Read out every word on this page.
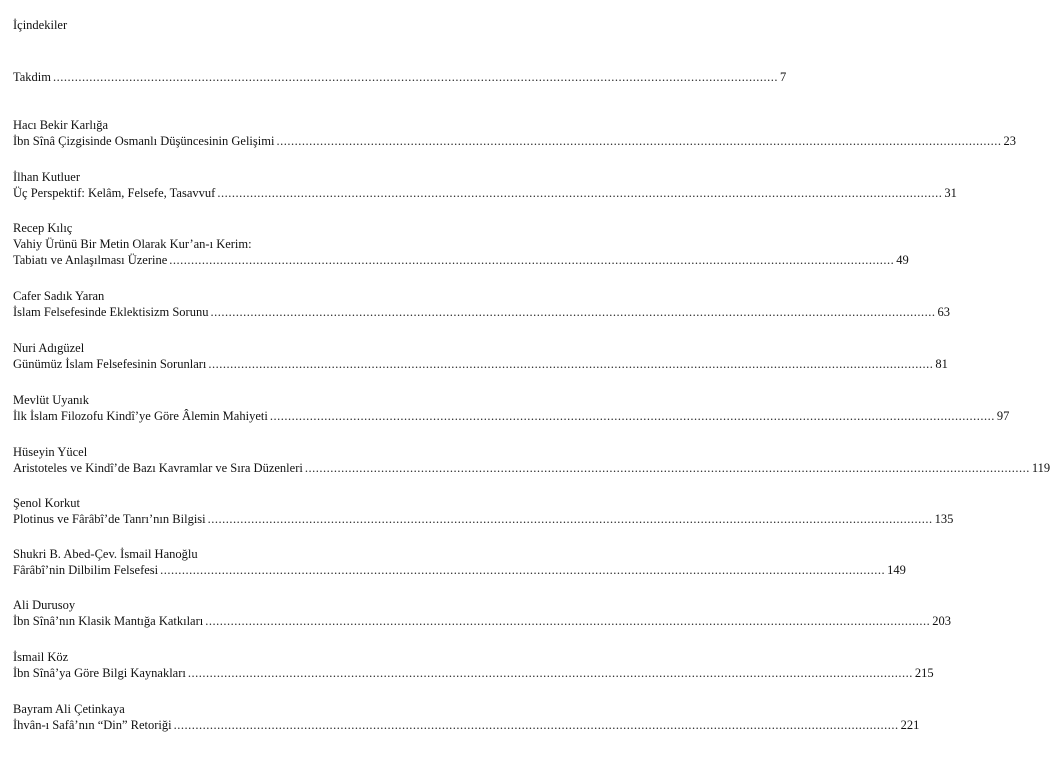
İçindekiler
Takdim ........................................................................................................................................................................................................ 7
Hacı Bekir Karlığa
İbn Sînâ Çizgisinde Osmanlı Düşüncesinin Gelişimi ........................................................................................................................................................................................................ 23
İlhan Kutluer
Üç Perspektif: Kelâm, Felsefe, Tasavvuf ........................................................................................................................................................................................................ 31
Recep Kılıç
Vahiy Ürünü Bir Metin Olarak Kur’an-ı Kerim:
Tabiatı ve Anlaşılması Üzerine ........................................................................................................................................................................................................ 49
Cafer Sadık Yaran
İslam Felsefesinde Eklektisizm Sorunu ........................................................................................................................................................................................................ 63
Nuri Adıgüzel
Günümüz İslam Felsefesinin Sorunları ........................................................................................................................................................................................................ 81
Mevlüt Uyanık
İlk İslam Filozofu Kindî’ye Göre Âlemin Mahiyeti ........................................................................................................................................................................................................ 97
Hüseyin Yücel
Aristoteles ve Kindî’de Bazı Kavramlar ve Sıra Düzenleri ........................................................................................................................................................................................................ 119
Şenol Korkut
Plotinus ve Fârâbî’de Tanrı’nın Bilgisi ........................................................................................................................................................................................................ 135
Shukri B. Abed-Çev. İsmail Hanoğlu
Fârâbî’nin Dilbilim Felsefesi ........................................................................................................................................................................................................ 149
Ali Durusoy
İbn Sînâ’nın Klasik Mantığa Katkıları ........................................................................................................................................................................................................ 203
İsmail Köz
İbn Sînâ’ya Göre Bilgi Kaynakları ........................................................................................................................................................................................................ 215
Bayram Ali Çetinkaya
İhvân-ı Safâ’nın “Din” Retoriği ........................................................................................................................................................................................................ 221
